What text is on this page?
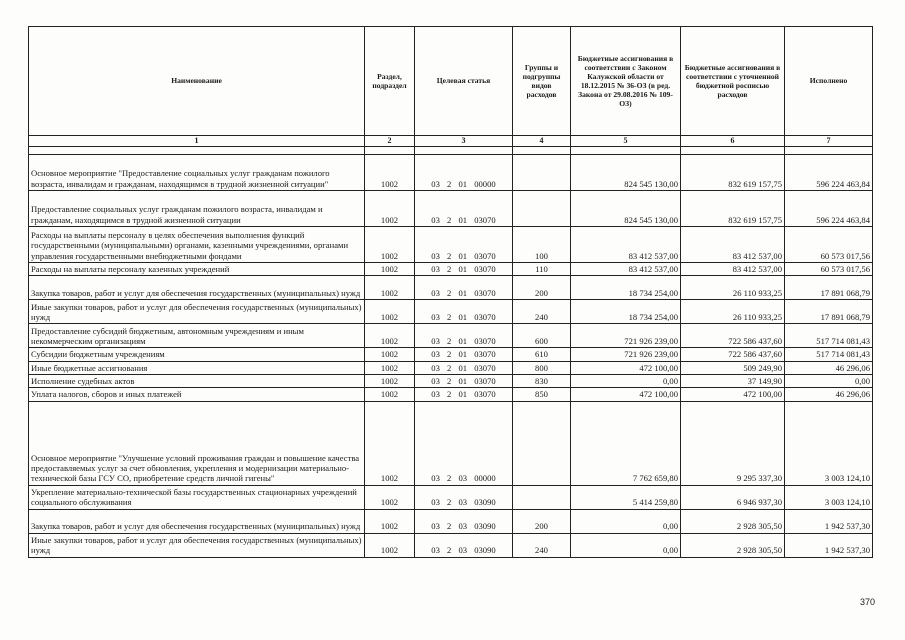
Наименование	Раздел, подраздел	Целевая статья	Группы и подгруппы видов расходов	Бюджетные ассигнования в соответствии с Законом Калужской области от 18.12.2015 № 36-ОЗ (в ред. Закона от 29.08.2016 № 109-ОЗ)	Бюджетные ассигнования в соответствии с уточненной бюджетной росписью расходов	Исполнено
1	2	3	4	5	6	7

Основное мероприятие "Предоставление социальных услуг гражданам пожилого возраста, инвалидам и гражданам, находящимся в трудной жизненной ситуации"	1002	03 2 01 00000		824 545 130,00	832 619 157,75	596 224 463,84
Предоставление социальных услуг гражданам пожилого возраста, инвалидам и гражданам, находящимся в трудной жизненной ситуации	1002	03 2 01 03070		824 545 130,00	832 619 157,75	596 224 463,84
Расходы на выплаты персоналу в целях обеспечения выполнения функций государственными (муниципальными) органами, казенными учреждениями, органами управления государственными внебюджетными фондами	1002	03 2 01 03070	100	83 412 537,00	83 412 537,00	60 573 017,56
Расходы на выплаты персоналу казенных учреждений	1002	03 2 01 03070	110	83 412 537,00	83 412 537,00	60 573 017,56
Закупка товаров, работ и услуг для обеспечения государственных (муниципальных) нужд	1002	03 2 01 03070	200	18 734 254,00	26 110 933,25	17 891 068,79
Иные закупки товаров, работ и услуг для обеспечения государственных (муниципальных) нужд	1002	03 2 01 03070	240	18 734 254,00	26 110 933,25	17 891 068,79
Предоставление субсидий бюджетным, автономным учреждениям и иным некоммерческим организациям	1002	03 2 01 03070	600	721 926 239,00	722 586 437,60	517 714 081,43
Субсидии бюджетным учреждениям	1002	03 2 01 03070	610	721 926 239,00	722 586 437,60	517 714 081,43
Иные бюджетные ассигнования	1002	03 2 01 03070	800	472 100,00	509 249,90	46 296,06
Исполнение судебных актов	1002	03 2 01 03070	830	0,00	37 149,90	0,00
Уплата налогов, сборов и иных платежей	1002	03 2 01 03070	850	472 100,00	472 100,00	46 296,06
Основное мероприятие "Улучшение условий проживания граждан и повышение качества предоставляемых услуг за счет обновления, укрепления и модернизации материально-технической базы ГСУ СО, приобретение средств личной гигены"	1002	03 2 03 00000		7 762 659,80	9 295 337,30	3 003 124,10
Укрепление материально-технической базы государственных стационарных учреждений социального обслуживания	1002	03 2 03 03090		5 414 259,80	6 946 937,30	3 003 124,10
Закупка товаров, работ и услуг для обеспечения государственных (муниципальных) нужд	1002	03 2 03 03090	200	0,00	2 928 305,50	1 942 537,30
Иные закупки товаров, работ и услуг для обеспечения государственных (муниципальных) нужд	1002	03 2 03 03090	240	0,00	2 928 305,50	1 942 537,30
370
